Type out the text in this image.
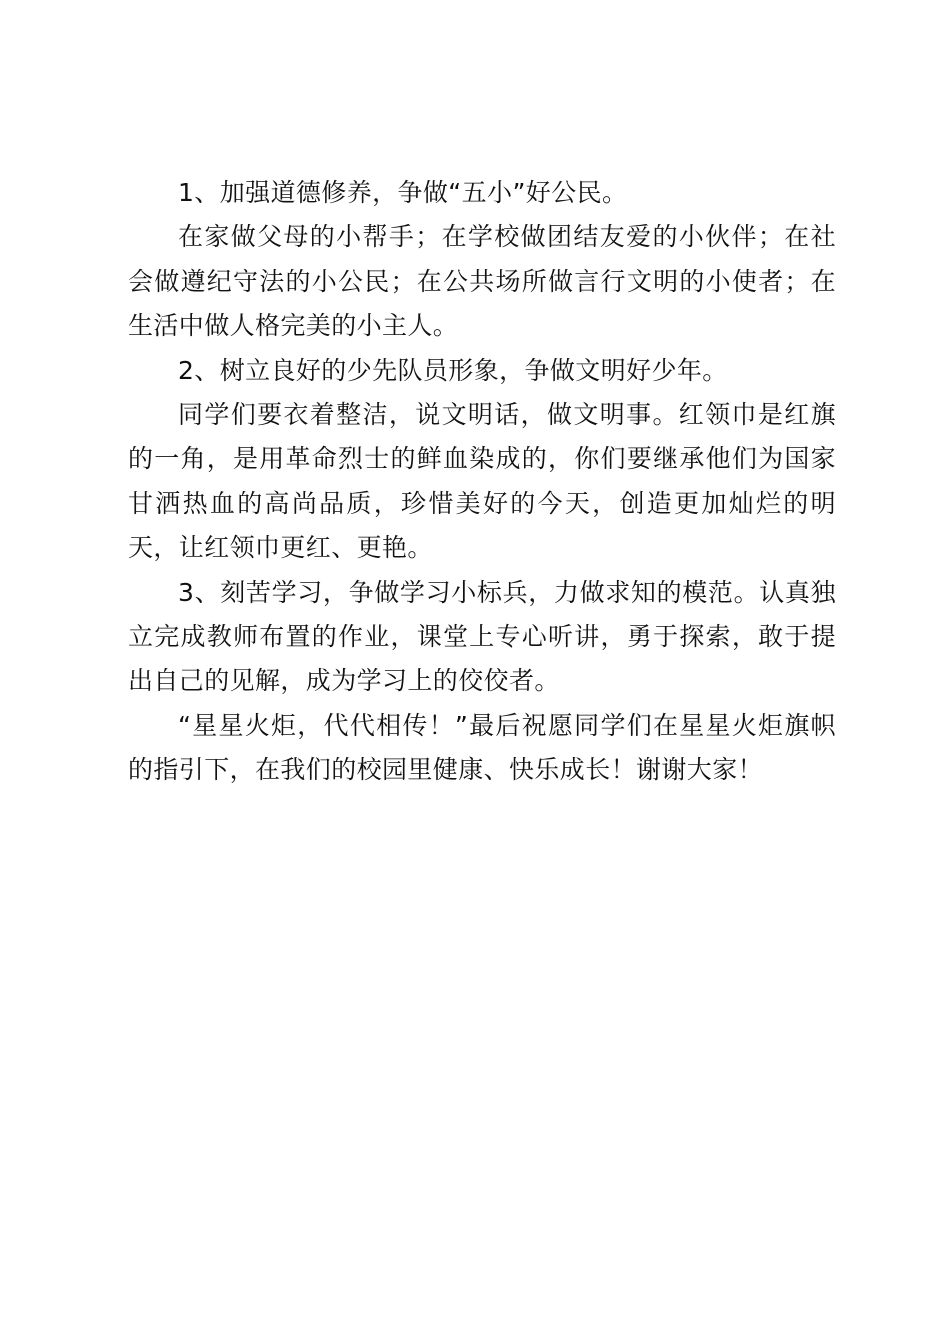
1、加强道德修养，争做“五小”好公民。

在家做父母的小帮手；在学校做团结友爱的小伙伴；在社会做遵纪守法的小公民；在公共场所做言行文明的小使者；在生活中做人格完美的小主人。

2、树立良好的少先队员形象，争做文明好少年。

同学们要衣着整洁，说文明话，做文明事。红领巾是红旗的一角，是用革命烈士的鲜血染成的，你们要继承他们为国家甘洒热血的高尚品质，珍惜美好的今天，创造更加灿烂的明天，让红领巾更红、更艳。

3、刻苦学习，争做学习小标兵，力做求知的模范。认真独立完成教师布置的作业，课堂上专心听讲，勇于探索，敢于提出自己的见解，成为学习上的佼佼者。

“星星火炬，代代相传！”最后祝愿同学们在星星火炬旗帜的指引下，在我们的校园里健康、快乐成长！谢谢大家！
